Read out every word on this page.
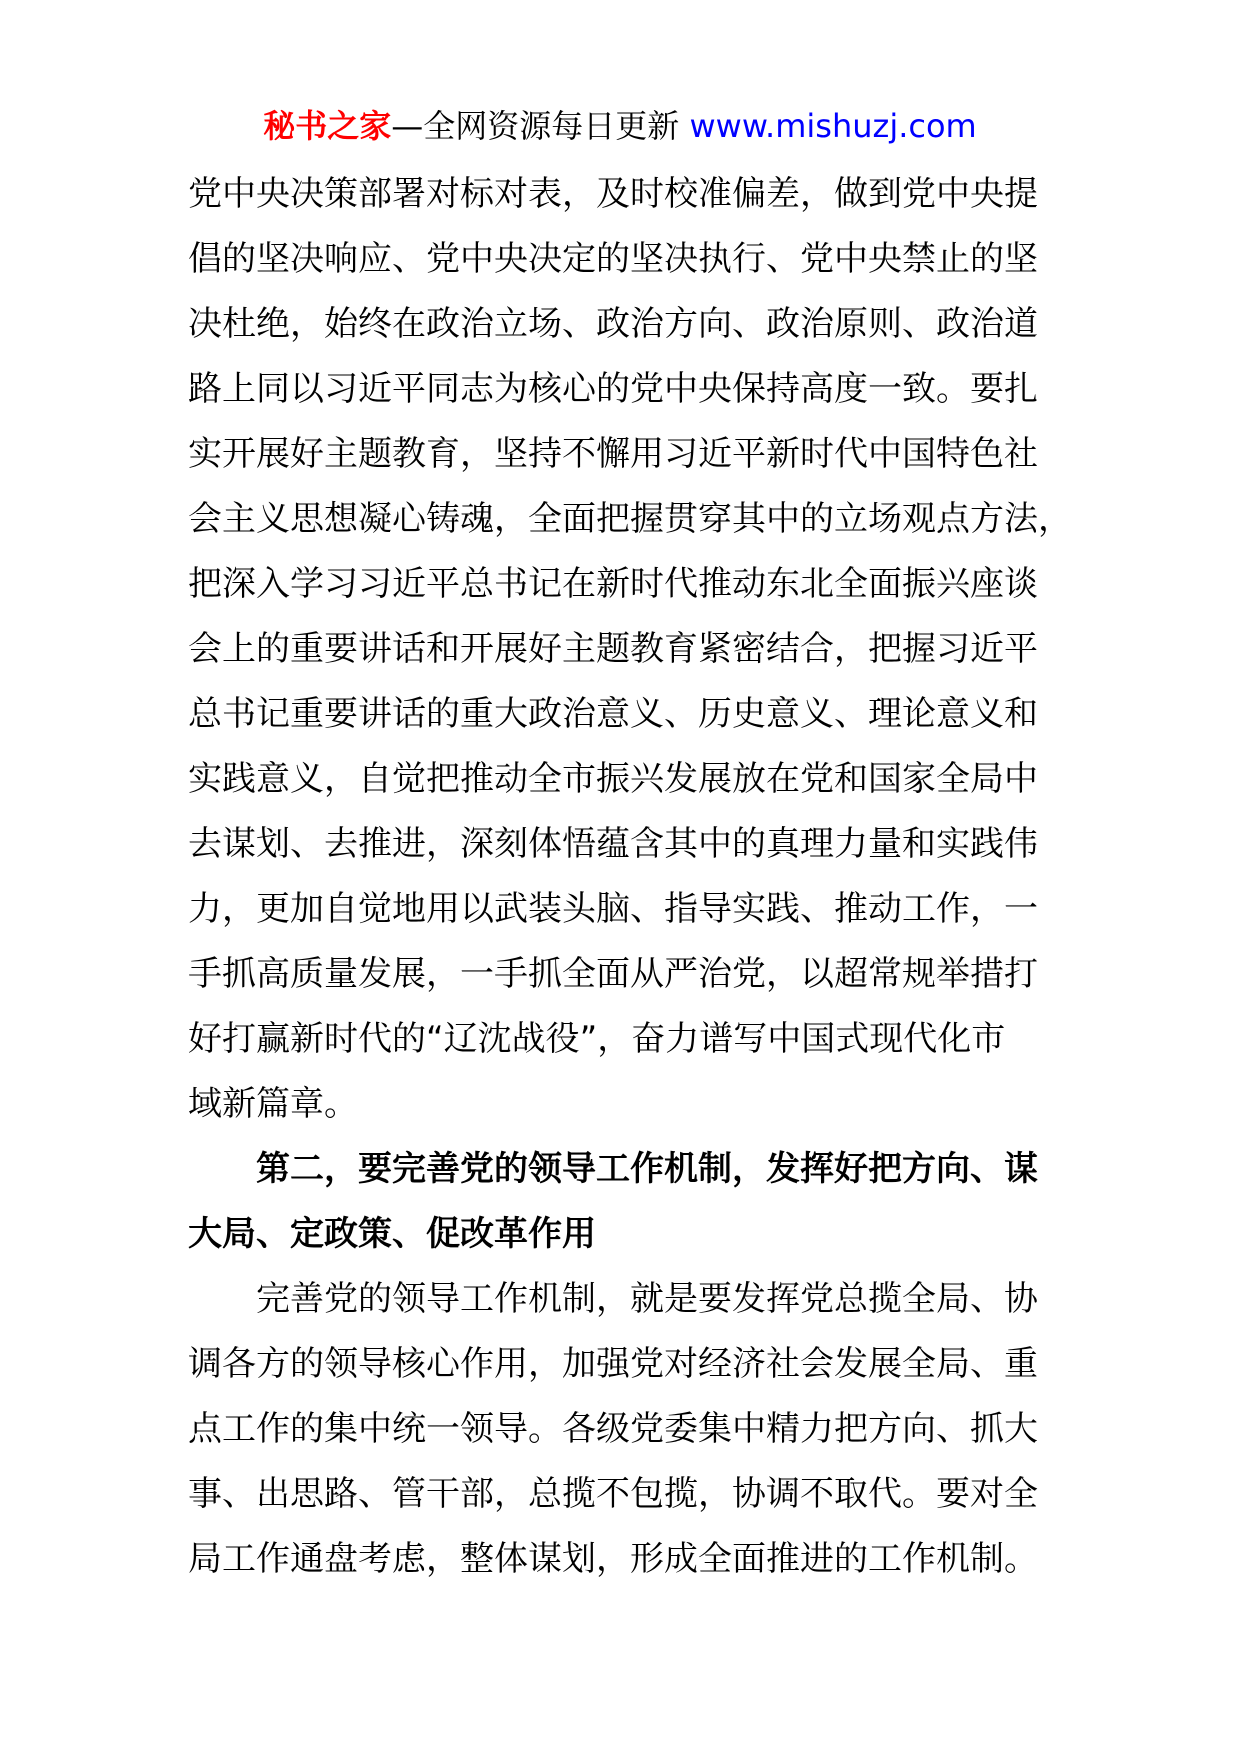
秘书之家—全网资源每日更新 www.mishuzj.com
党中央决策部署对标对表，及时校准偏差，做到党中央提
倡的坚决响应、党中央决定的坚决执行、党中央禁止的坚
决杜绝，始终在政治立场、政治方向、政治原则、政治道
路上同以习近平同志为核心的党中央保持高度一致。要扎
实开展好主题教育，坚持不懈用习近平新时代中国特色社
会主义思想凝心铸魂，全面把握贯穿其中的立场观点方法，
把深入学习习近平总书记在新时代推动东北全面振兴座谈
会上的重要讲话和开展好主题教育紧密结合，把握习近平
总书记重要讲话的重大政治意义、历史意义、理论意义和
实践意义，自觉把推动全市振兴发展放在党和国家全局中
去谋划、去推进，深刻体悟蕴含其中的真理力量和实践伟
力，更加自觉地用以武装头脑、指导实践、推动工作，一
手抓高质量发展，一手抓全面从严治党，以超常规举措打
好打赢新时代的“辽沈战役”，奋力谱写中国式现代化市
域新篇章。
第二，要完善党的领导工作机制，发挥好把方向、谋
大局、定政策、促改革作用
完善党的领导工作机制，就是要发挥党总揽全局、协
调各方的领导核心作用，加强党对经济社会发展全局、重
点工作的集中统一领导。各级党委集中精力把方向、抓大
事、出思路、管干部，总揽不包揽，协调不取代。要对全
局工作通盘考虑，整体谋划，形成全面推进的工作机制。
